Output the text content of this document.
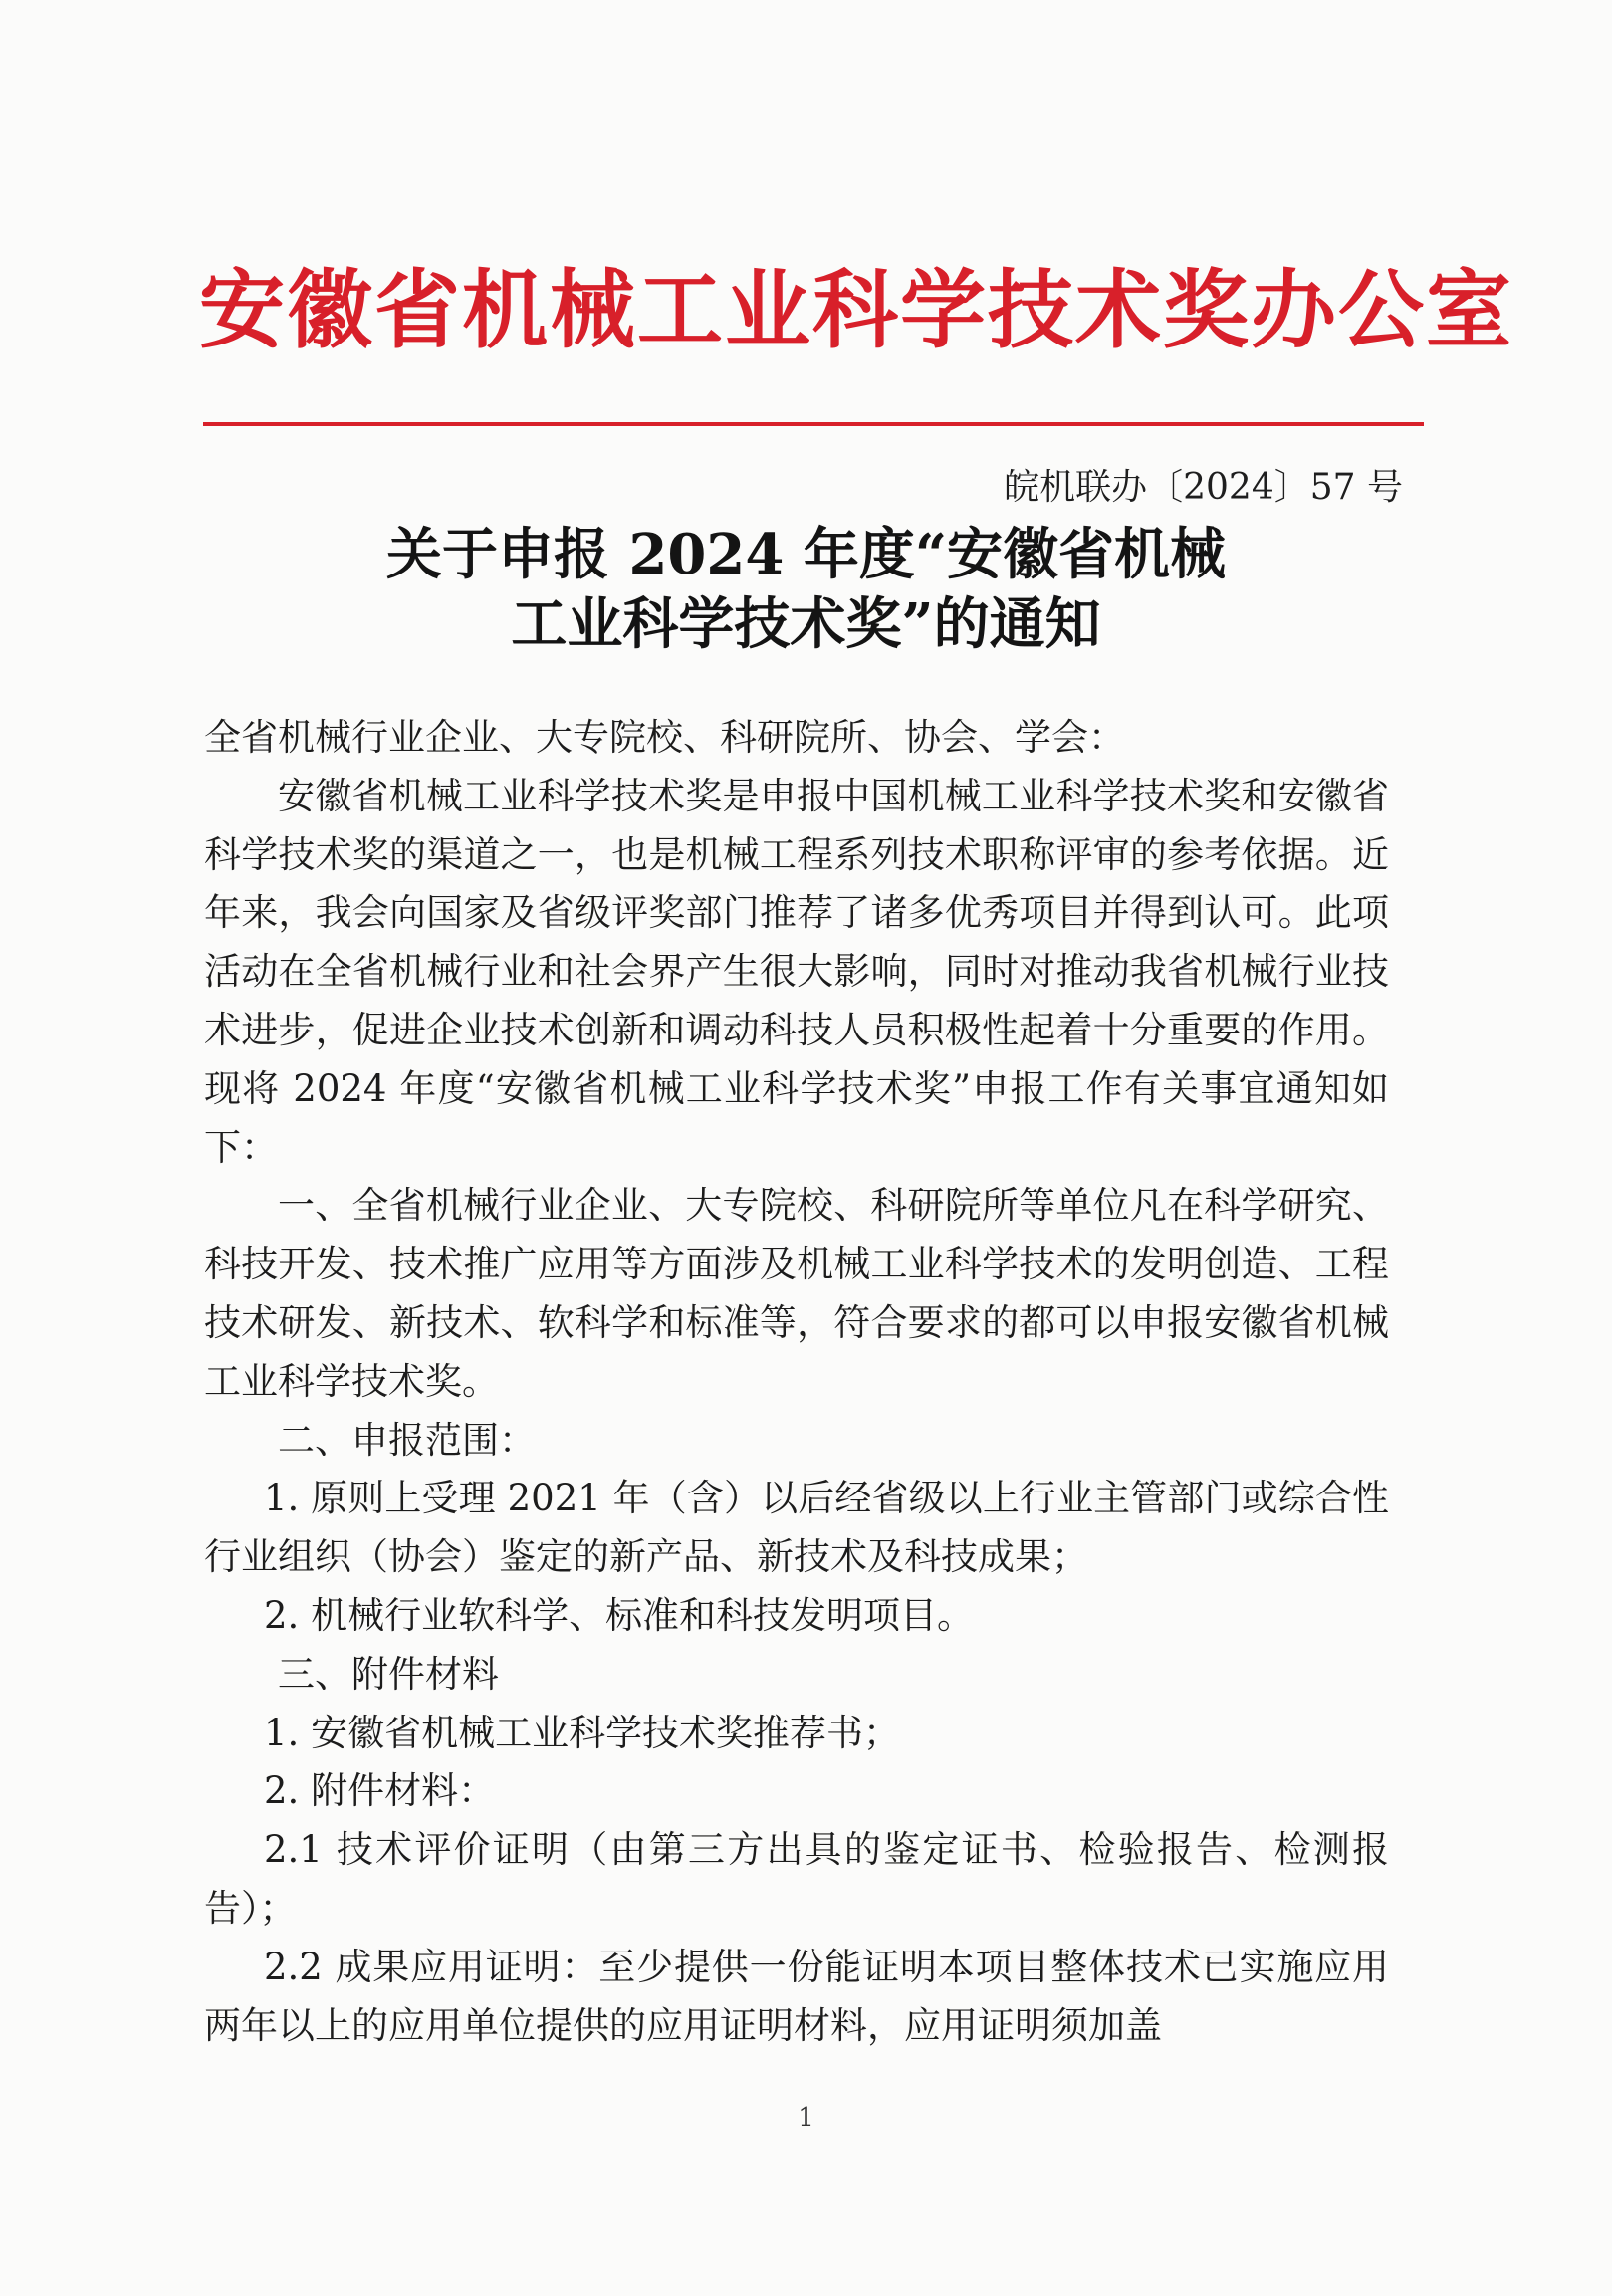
安徽省机械工业科学技术奖办公室
皖机联办〔2024〕57 号
关于申报 2024 年度“安徽省机械
工业科学技术奖”的通知

全省机械行业企业、大专院校、科研院所、协会、学会：

安徽省机械工业科学技术奖是申报中国机械工业科学技术奖和安徽省科学技术奖的渠道之一，也是机械工程系列技术职称评审的参考依据。近年来，我会向国家及省级评奖部门推荐了诸多优秀项目并得到认可。此项活动在全省机械行业和社会界产生很大影响，同时对推动我省机械行业技术进步，促进企业技术创新和调动科技人员积极性起着十分重要的作用。现将 2024 年度“安徽省机械工业科学技术奖”申报工作有关事宜通知如下：

一、全省机械行业企业、大专院校、科研院所等单位凡在科学研究、科技开发、技术推广应用等方面涉及机械工业科学技术的发明创造、工程技术研发、新技术、软科学和标准等，符合要求的都可以申报安徽省机械工业科学技术奖。

二、申报范围：

1. 原则上受理 2021 年（含）以后经省级以上行业主管部门或综合性行业组织（协会）鉴定的新产品、新技术及科技成果；

2. 机械行业软科学、标准和科技发明项目。

三、附件材料

1. 安徽省机械工业科学技术奖推荐书；

2. 附件材料：

2.1 技术评价证明（由第三方出具的鉴定证书、检验报告、检测报告）；

2.2 成果应用证明：至少提供一份能证明本项目整体技术已实施应用两年以上的应用单位提供的应用证明材料，应用证明须加盖

1
